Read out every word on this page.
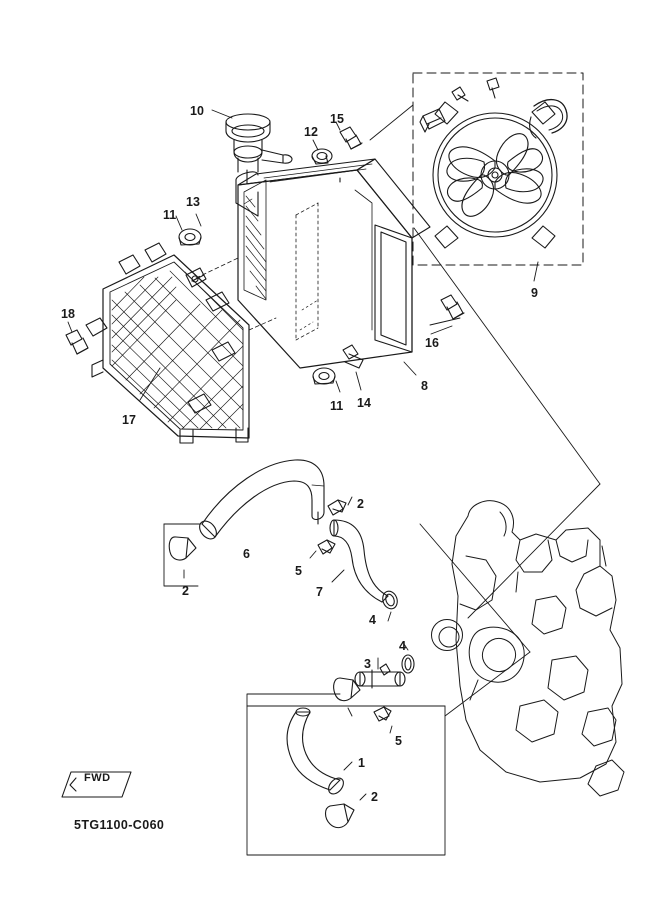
FWD
5TG1100-C060
10
15
12
13
11
9
18
16
8
14
11
17
2
6
5
2	7
4
4
3
5
1
2
